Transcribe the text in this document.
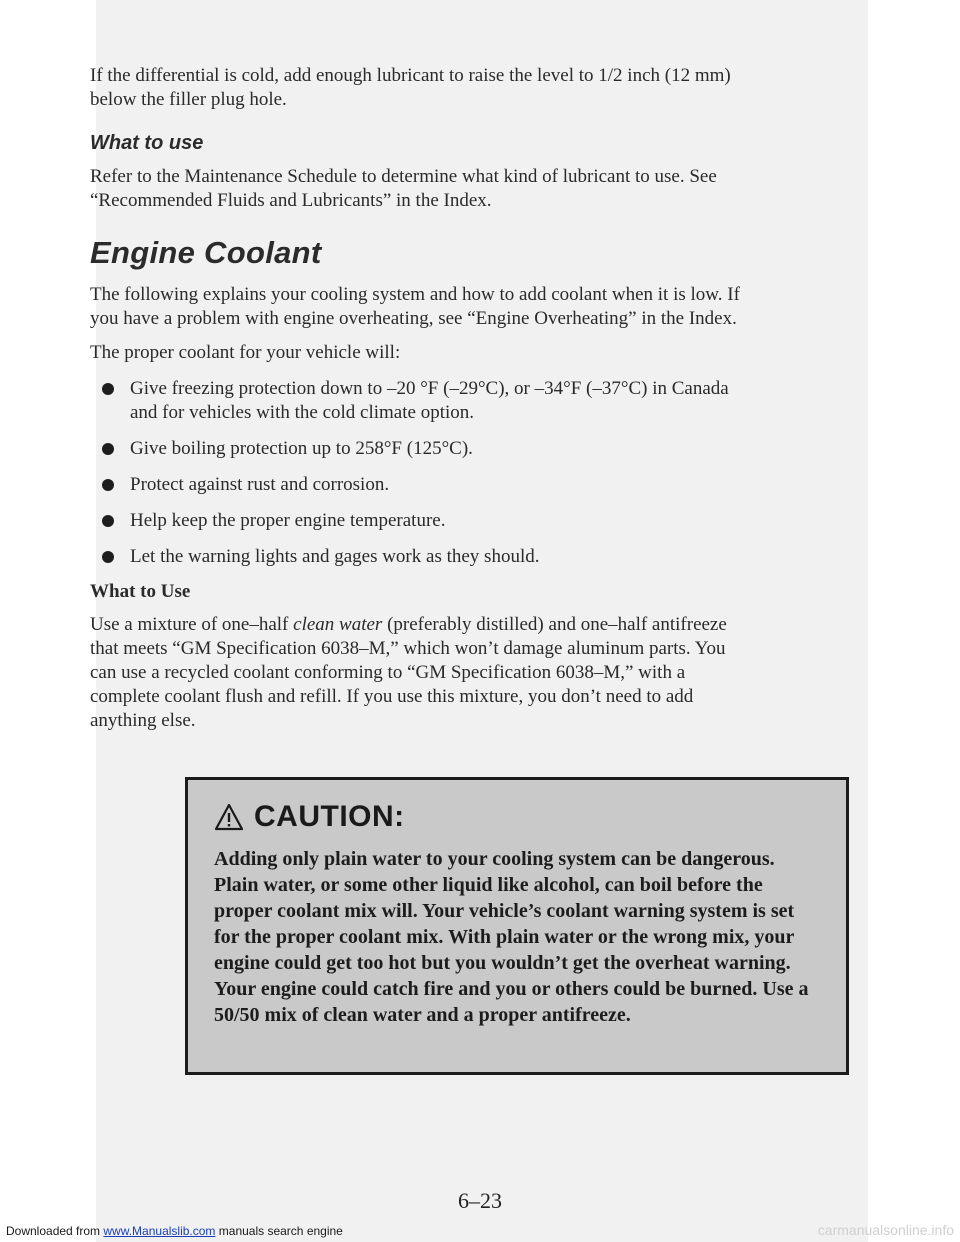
If the differential is cold, add enough lubricant to raise the level to 1/2 inch (12 mm) below the filler plug hole.

What to use

Refer to the Maintenance Schedule to determine what kind of lubricant to use. See “Recommended Fluids and Lubricants” in the Index.

Engine Coolant

The following explains your cooling system and how to add coolant when it is low. If you have a problem with engine overheating, see “Engine Overheating” in the Index.

The proper coolant for your vehicle will:

Give freezing protection down to –20 °F (–29°C), or –34°F (–37°C) in Canada and for vehicles with the cold climate option.
Give boiling protection up to 258°F (125°C).
Protect against rust and corrosion.
Help keep the proper engine temperature.
Let the warning lights and gages work as they should.
What to Use

Use a mixture of one–half clean water (preferably distilled) and one–half antifreeze that meets “GM Specification 6038–M,” which won’t damage aluminum parts. You can use a recycled coolant conforming to “GM Specification 6038–M,” with a complete coolant flush and refill. If you use this mixture, you don’t need to add anything else.

CAUTION:
Adding only plain water to your cooling system can be dangerous. Plain water, or some other liquid like alcohol, can boil before the proper coolant mix will. Your vehicle’s coolant warning system is set for the proper coolant mix. With plain water or the wrong mix, your engine could get too hot but you wouldn’t get the overheat warning. Your engine could catch fire and you or others could be burned. Use a 50/50 mix of clean water and a proper antifreeze.
6–23
Downloaded from www.Manualslib.com manuals search engine	carmanualsonline.info
